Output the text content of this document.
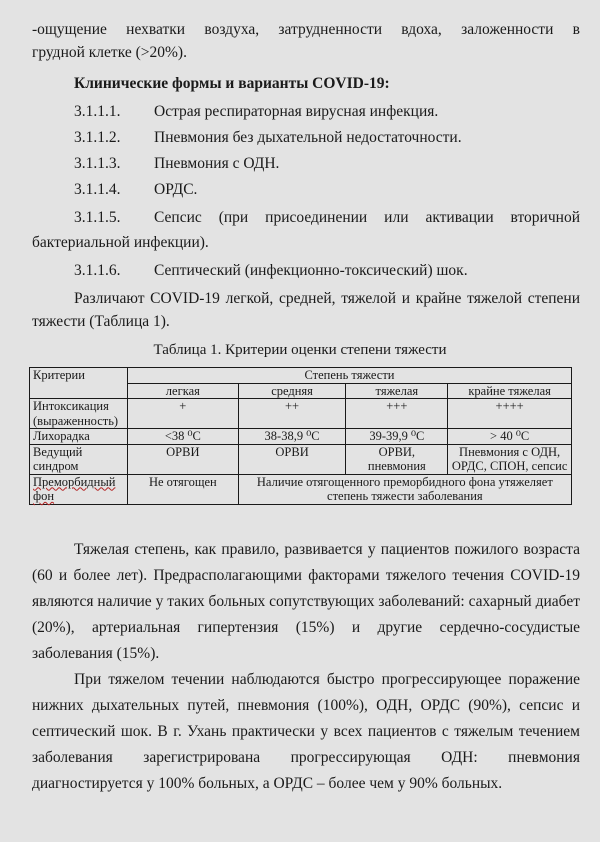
-ощущение нехватки воздуха, затрудненности вдоха, заложенности в
грудной клетке (>20%).
Клинические формы и варианты COVID-19:
3.1.1.1. Острая респираторная вирусная инфекция.
3.1.1.2. Пневмония без дыхательной недостаточности.
3.1.1.3. Пневмония с ОДН.
3.1.1.4. ОРДС.
3.1.1.5.	Сепсис (при присоединении или активации вторичной
бактериальной инфекции).
3.1.1.6. Септический (инфекционно-токсический) шок.
Различают COVID-19 легкой, средней, тяжелой и крайне тяжелой степени
тяжести (Таблица 1).
Таблица 1. Критерии оценки степени тяжести
Критерии	Степень тяжести			
	легкая	средняя	тяжелая	крайне тяжелая
Интоксикация (выраженность)	+	++	+++	++++
Лихорадка	<38 ⁰С	38-38,9 ⁰С	39-39,9 ⁰С	> 40 ⁰С
Ведущий синдром	ОРВИ	ОРВИ	ОРВИ, пневмония	Пневмония с ОДН, ОРДС, СПОН, сепсис
Преморбидный фон	Не отягощен	Наличие отягощенного преморбидного фона утяжеляет
степень тяжести заболевания		
Тяжелая степень, как правило, развивается у пациентов пожилого возраста
(60 и более лет). Предрасполагающими факторами тяжелого течения COVID-19
являются наличие у таких больных сопутствующих заболеваний: сахарный диабет
(20%), артериальная гипертензия (15%) и другие сердечно-сосудистые
заболевания (15%).
При тяжелом течении наблюдаются быстро прогрессирующее поражение
нижних дыхательных путей, пневмония (100%), ОДН, ОРДС (90%), сепсис и
септический шок. В г. Ухань практически у всех пациентов с тяжелым течением
заболевания зарегистрирована прогрессирующая ОДН: пневмония
диагностируется у 100% больных, а ОРДС – более чем у 90% больных.
